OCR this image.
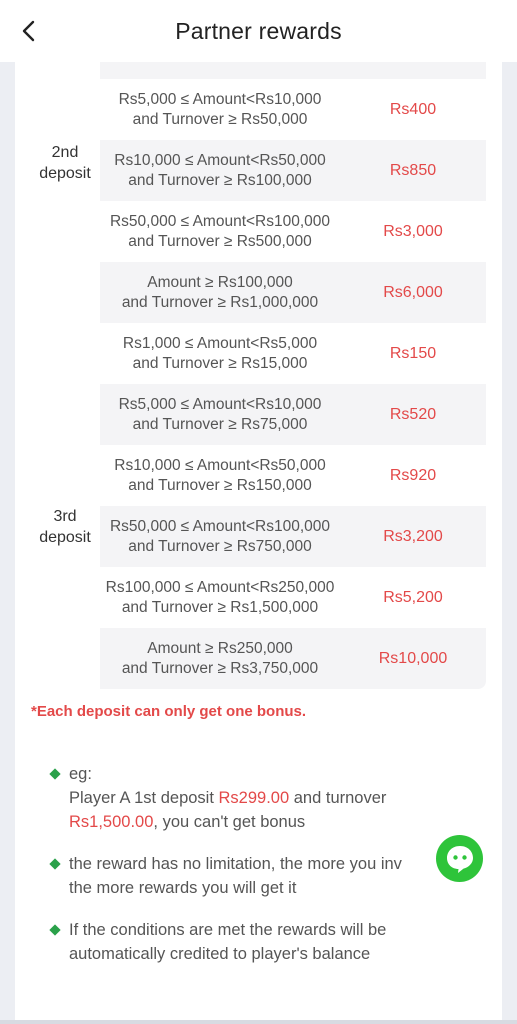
Partner rewards
2nd
deposit
Rs5,000 ≤ Amount<Rs10,000
and Turnover ≥ Rs50,000
Rs400
Rs10,000 ≤ Amount<Rs50,000
and Turnover ≥ Rs100,000
Rs850
Rs50,000 ≤ Amount<Rs100,000
and Turnover ≥ Rs500,000
Rs3,000
Amount ≥ Rs100,000
and Turnover ≥ Rs1,000,000
Rs6,000
3rd
deposit
Rs1,000 ≤ Amount<Rs5,000
and Turnover ≥ Rs15,000
Rs150
Rs5,000 ≤ Amount<Rs10,000
and Turnover ≥ Rs75,000
Rs520
Rs10,000 ≤ Amount<Rs50,000
and Turnover ≥ Rs150,000
Rs920
Rs50,000 ≤ Amount<Rs100,000
and Turnover ≥ Rs750,000
Rs3,200
Rs100,000 ≤ Amount<Rs250,000
and Turnover ≥ Rs1,500,000
Rs5,200
Amount ≥ Rs250,000
and Turnover ≥ Rs3,750,000
Rs10,000
*Each deposit can only get one bonus.
eg:
Player A 1st deposit Rs299.00 and turnover
Rs1,500.00, you can't get bonus
the reward has no limitation, the more you inv the more rewards you will get it
If the conditions are met the rewards will be automatically credited to player's balance
